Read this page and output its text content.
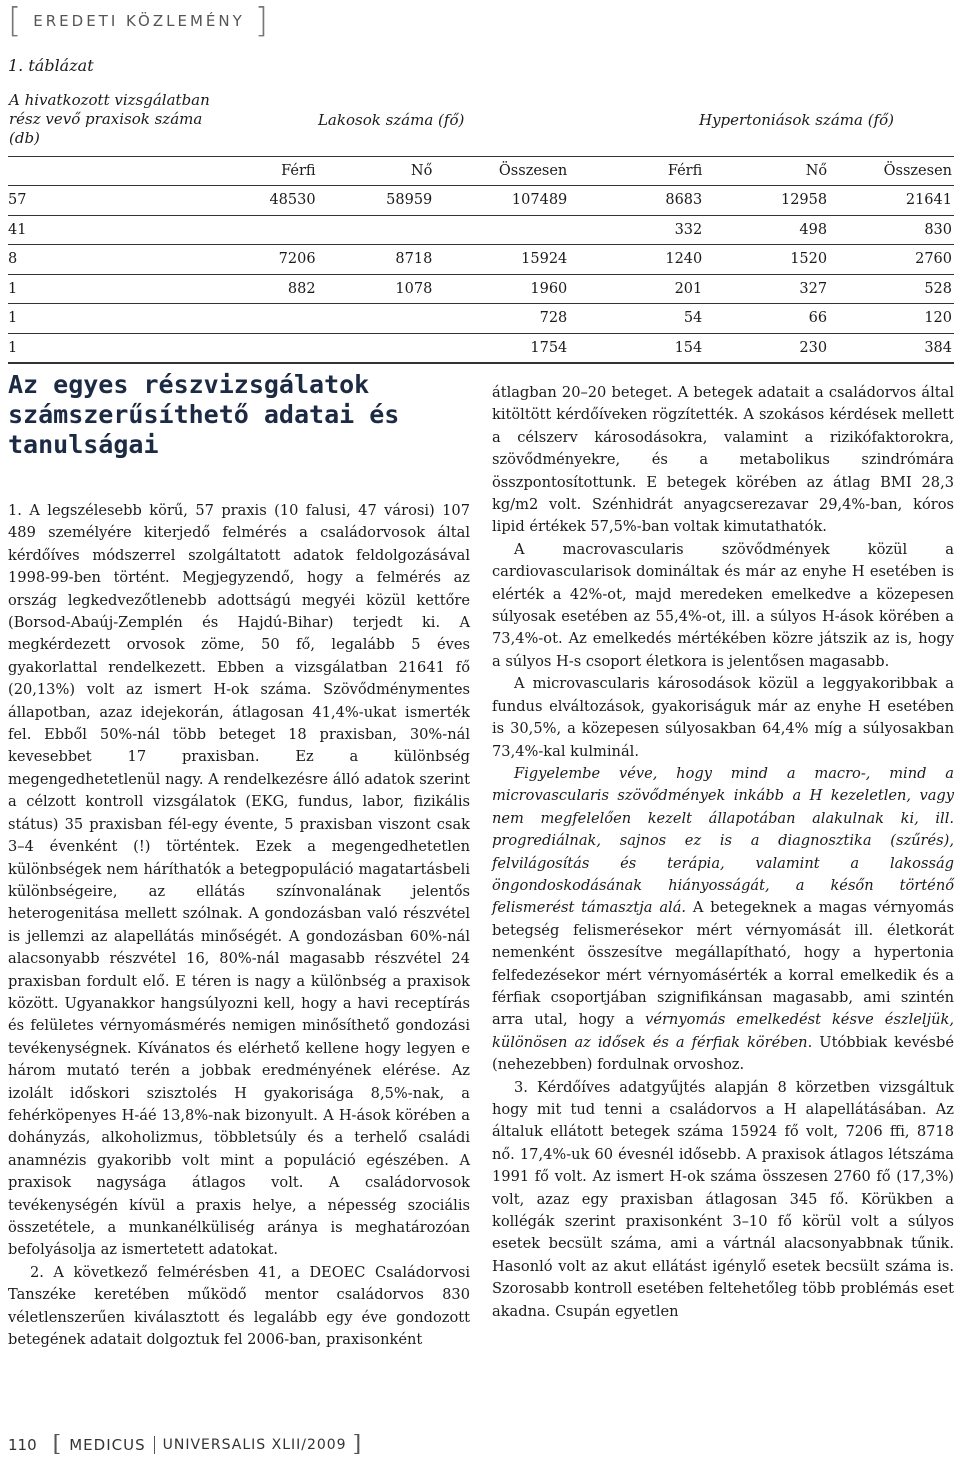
[ EREDETI KÖZLEMÉNY ]
1. táblázat
A hivatkozott vizsgálatban rész vevő praxisok száma (db)	Lakosok száma (fő)			Hypertoniások száma (fő)		
	Férfi	Nő	Összesen	Férfi	Nő	Összesen
57	48530	58959	107489	8683	12958	21641
41				332	498	830
8	7206	8718	15924	1240	1520	2760
1	882	1078	1960	201	327	528
1			728	54	66	120
1			1754	154	230	384
Az egyes részvizsgálatok számszerűsíthető adatai és tanulságai

1. A legszélesebb körű, 57 praxis (10 falusi, 47 városi) 107 489 személyére kiterjedő felmérés a családorvosok által kérdőíves módszerrel szolgáltatott adatok feldolgozásával 1998-99-ben történt. Megjegyzendő, hogy a felmérés az ország legkedvezőtlenebb adottságú megyéi közül kettőre (Borsod-Abaúj-Zemplén és Hajdú-Bihar) terjedt ki. A megkérdezett orvosok zöme, 50 fő, legalább 5 éves gyakorlattal rendelkezett. Ebben a vizsgálatban 21641 fő (20,13%) volt az ismert H-ok száma. Szövődménymentes állapotban, azaz idejekorán, átlagosan 41,4%-ukat ismerték fel. Ebből 50%-nál több beteget 18 praxisban, 30%-nál kevesebbet 17 praxisban. Ez a különbség megengedhetetlenül nagy. A rendelkezésre álló adatok szerint a célzott kontroll vizsgálatok (EKG, fundus, labor, fizikális státus) 35 praxisban fél-egy évente, 5 praxisban viszont csak 3–4 évenként (!) történtek. Ezek a megengedhetetlen különbségek nem háríthatók a betegpopuláció magatartásbeli különbségeire, az ellátás színvonalának jelentős heterogenitása mellett szólnak. A gondozásban való részvétel is jellemzi az alapellátás minőségét. A gondozásban 60%-nál alacsonyabb részvétel 16, 80%-nál magasabb részvétel 24 praxisban fordult elő. E téren is nagy a különbség a praxisok között. Ugyanakkor hangsúlyozni kell, hogy a havi receptírás és felületes vérnyomásmérés nemigen minősíthető gondozási tevékenységnek. Kívánatos és elérhető kellene hogy legyen e három mutató terén a jobbak eredményének elérése. Az izolált időskori szisztolés H gyakorisága 8,5%-nak, a fehérköpenyes H-áé 13,8%-nak bizonyult. A H-ások körében a dohányzás, alkoholizmus, többletsúly és a terhelő családi anamnézis gyakoribb volt mint a populáció egészében. A praxisok nagysága átlagos volt. A családorvosok tevékenységén kívül a praxis helye, a népesség szociális összetétele, a munkanélküliség aránya is meghatározóan befolyásolja az ismertetett adatokat.

2. A következő felmérésben 41, a DEOEC Családorvosi Tanszéke keretében működő mentor családorvos 830 véletlenszerűen kiválasztott és legalább egy éve gondozott betegének adatait dolgoztuk fel 2006-ban, praxisonként

átlagban 20–20 beteget. A betegek adatait a családorvos által kitöltött kérdőíveken rögzítették. A szokásos kérdések mellett a célszerv károsodásokra, valamint a rizikófaktorokra, szövődményekre, és a metabolikus szindrómára összpontosítottunk. E betegek körében az átlag BMI 28,3 kg/m2 volt. Szénhidrát anyagcserezavar 29,4%-ban, kóros lipid értékek 57,5%-ban voltak kimutathatók.

A macrovascularis szövődmények közül a cardiovascularisok domináltak és már az enyhe H esetében is elérték a 42%-ot, majd meredeken emelkedve a közepesen súlyosak esetében az 55,4%-ot, ill. a súlyos H-ások körében a 73,4%-ot. Az emelkedés mértékében közre játszik az is, hogy a súlyos H-s csoport életkora is jelentősen magasabb.

A microvascularis károsodások közül a leggyakoribbak a fundus elváltozások, gyakoriságuk már az enyhe H esetében is 30,5%, a közepesen súlyosakban 64,4% míg a súlyosakban 73,4%-kal kulminál.

Figyelembe véve, hogy mind a macro-, mind a microvascularis szövődmények inkább a H kezeletlen, vagy nem megfelelően kezelt állapotában alakulnak ki, ill. progrediálnak, sajnos ez is a diagnosztika (szűrés), felvilágosítás és terápia, valamint a lakosság öngondoskodásának hiányosságát, a későn történő felismerést támasztja alá. A betegeknek a magas vérnyomás betegség felismerésekor mért vérnyomását ill. életkorát nemenként összesítve megállapítható, hogy a hypertonia felfedezésekor mért vérnyomásérték a korral emelkedik és a férfiak csoportjában szignifikánsan magasabb, ami szintén arra utal, hogy a vérnyomás emelkedést késve észleljük, különösen az idősek és a férfiak körében. Utóbbiak kevésbé (nehezebben) fordulnak orvoshoz.

3. Kérdőíves adatgyűjtés alapján 8 körzetben vizsgáltuk hogy mit tud tenni a családorvos a H alapellátásában. Az általuk ellátott betegek száma 15924 fő volt, 7206 ffi, 8718 nő. 17,4%-uk 60 évesnél idősebb. A praxisok átlagos létszáma 1991 fő volt. Az ismert H-ok száma összesen 2760 fő (17,3%) volt, azaz egy praxisban átlagosan 345 fő. Körükben a kollégák szerint praxisonként 3–10 fő körül volt a súlyos esetek becsült száma, ami a vártnál alacsonyabbnak tűnik. Hasonló volt az akut ellátást igénylő esetek becsült száma is. Szorosabb kontroll esetében feltehetőleg több problémás eset akadna. Csupán egyetlen

110 [ MEDICUS	UNIVERSALIS XLII/2009 ]
